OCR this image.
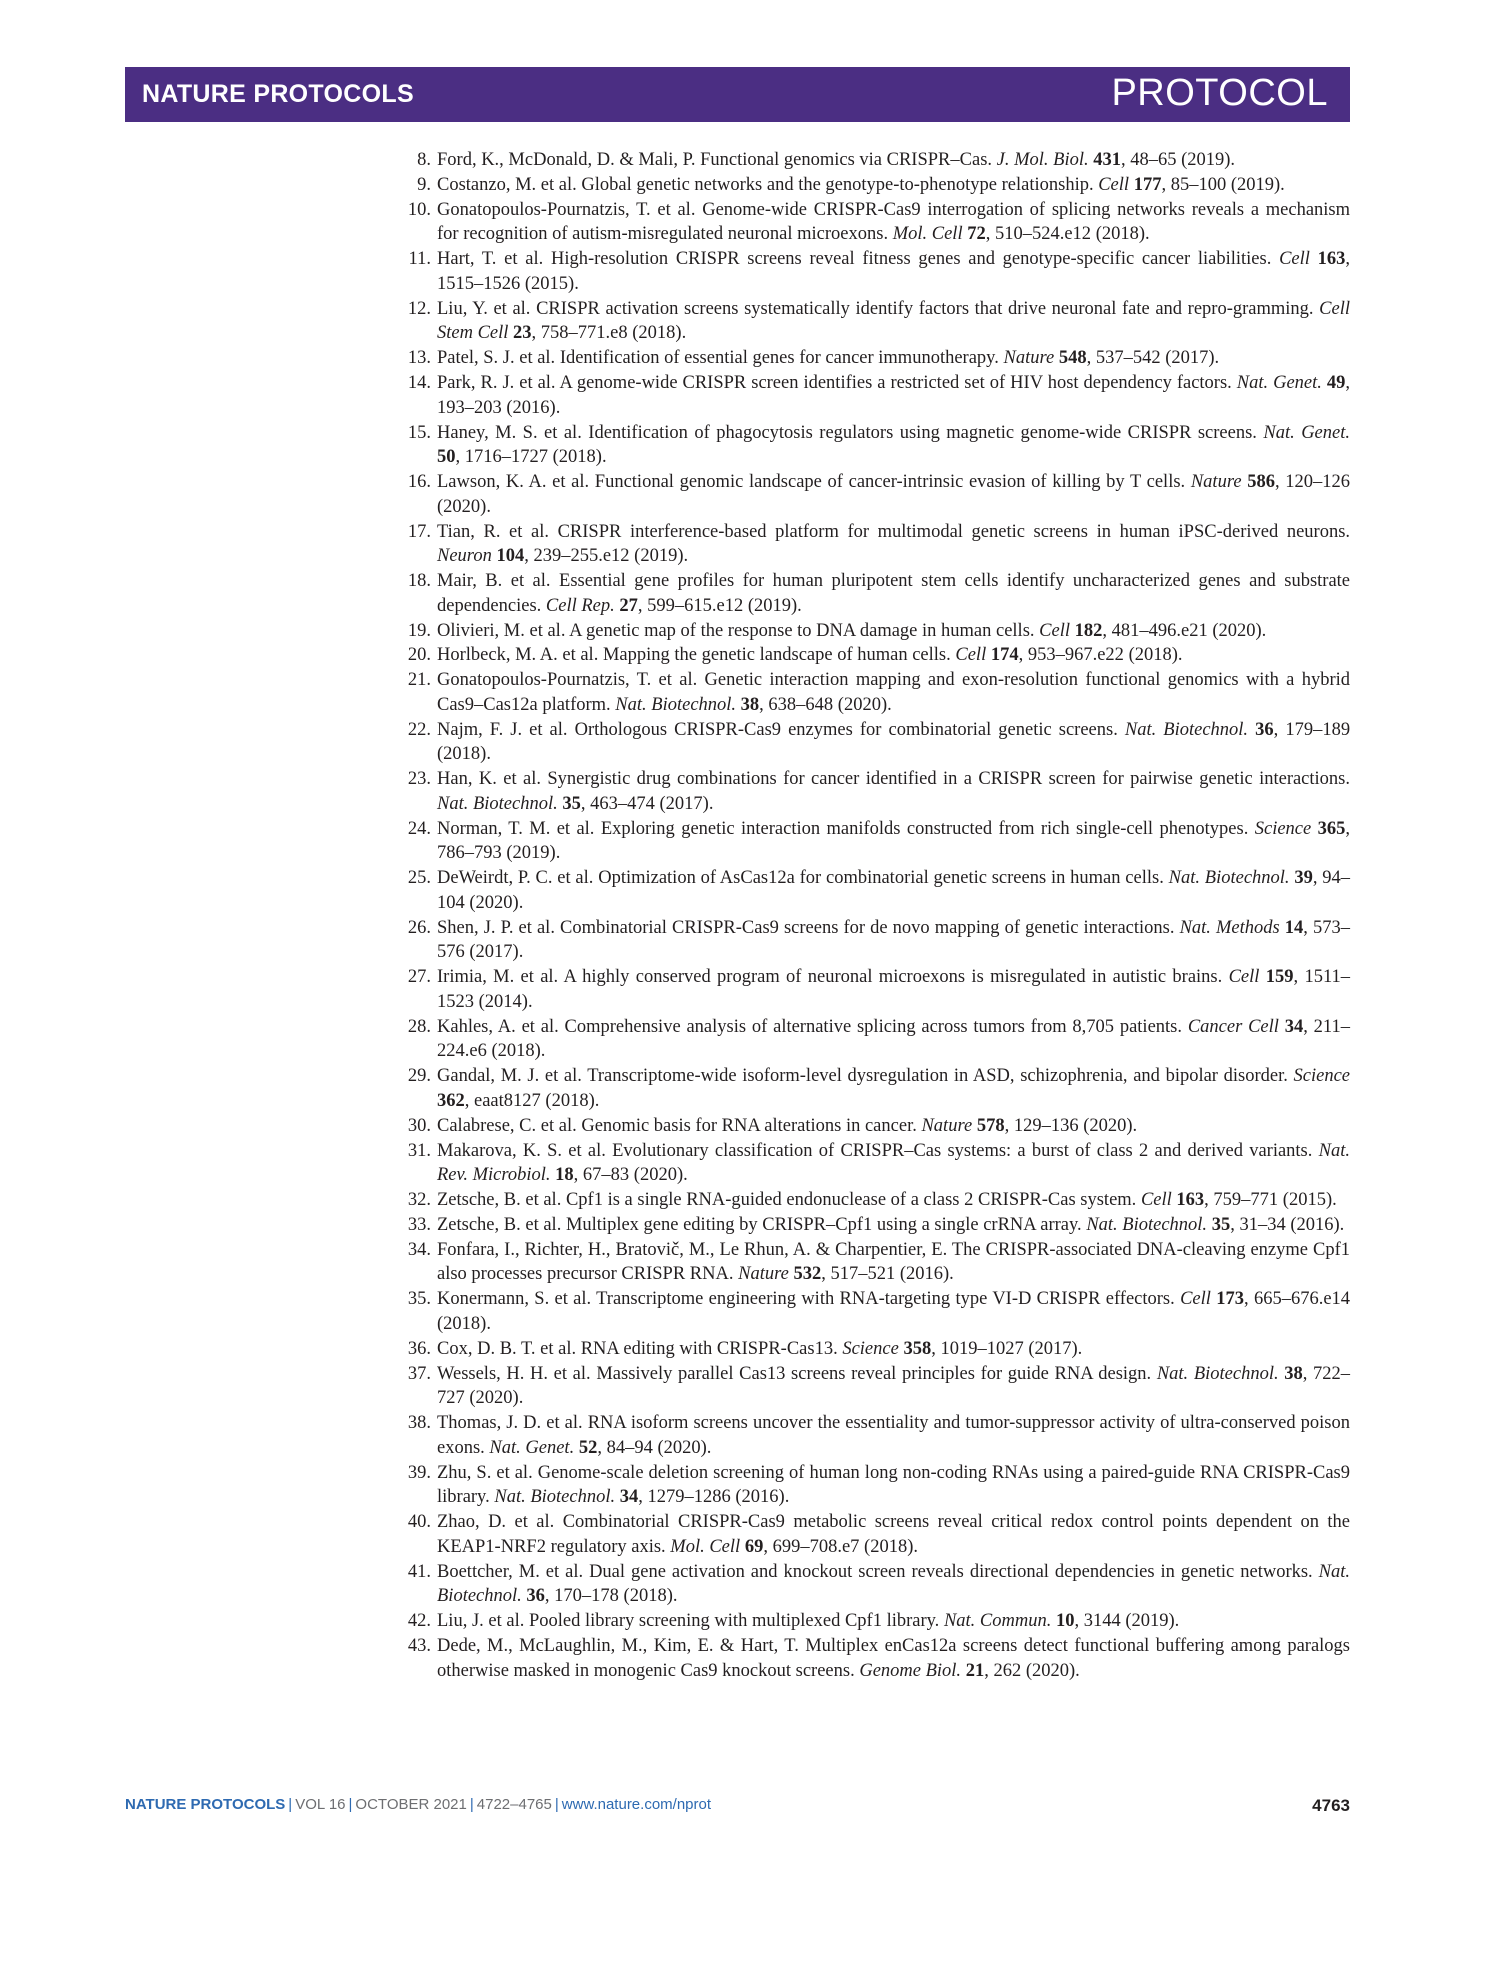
NATURE PROTOCOLS	PROTOCOL
8. Ford, K., McDonald, D. & Mali, P. Functional genomics via CRISPR–Cas. J. Mol. Biol. 431, 48–65 (2019).
9. Costanzo, M. et al. Global genetic networks and the genotype-to-phenotype relationship. Cell 177, 85–100 (2019).
10. Gonatopoulos-Pournatzis, T. et al. Genome-wide CRISPR-Cas9 interrogation of splicing networks reveals a mechanism for recognition of autism-misregulated neuronal microexons. Mol. Cell 72, 510–524.e12 (2018).
11. Hart, T. et al. High-resolution CRISPR screens reveal fitness genes and genotype-specific cancer liabilities. Cell 163, 1515–1526 (2015).
12. Liu, Y. et al. CRISPR activation screens systematically identify factors that drive neuronal fate and repro-gramming. Cell Stem Cell 23, 758–771.e8 (2018).
13. Patel, S. J. et al. Identification of essential genes for cancer immunotherapy. Nature 548, 537–542 (2017).
14. Park, R. J. et al. A genome-wide CRISPR screen identifies a restricted set of HIV host dependency factors. Nat. Genet. 49, 193–203 (2016).
15. Haney, M. S. et al. Identification of phagocytosis regulators using magnetic genome-wide CRISPR screens. Nat. Genet. 50, 1716–1727 (2018).
16. Lawson, K. A. et al. Functional genomic landscape of cancer-intrinsic evasion of killing by T cells. Nature 586, 120–126 (2020).
17. Tian, R. et al. CRISPR interference-based platform for multimodal genetic screens in human iPSC-derived neurons. Neuron 104, 239–255.e12 (2019).
18. Mair, B. et al. Essential gene profiles for human pluripotent stem cells identify uncharacterized genes and substrate dependencies. Cell Rep. 27, 599–615.e12 (2019).
19. Olivieri, M. et al. A genetic map of the response to DNA damage in human cells. Cell 182, 481–496.e21 (2020).
20. Horlbeck, M. A. et al. Mapping the genetic landscape of human cells. Cell 174, 953–967.e22 (2018).
21. Gonatopoulos-Pournatzis, T. et al. Genetic interaction mapping and exon-resolution functional genomics with a hybrid Cas9–Cas12a platform. Nat. Biotechnol. 38, 638–648 (2020).
22. Najm, F. J. et al. Orthologous CRISPR-Cas9 enzymes for combinatorial genetic screens. Nat. Biotechnol. 36, 179–189 (2018).
23. Han, K. et al. Synergistic drug combinations for cancer identified in a CRISPR screen for pairwise genetic interactions. Nat. Biotechnol. 35, 463–474 (2017).
24. Norman, T. M. et al. Exploring genetic interaction manifolds constructed from rich single-cell phenotypes. Science 365, 786–793 (2019).
25. DeWeirdt, P. C. et al. Optimization of AsCas12a for combinatorial genetic screens in human cells. Nat. Biotechnol. 39, 94–104 (2020).
26. Shen, J. P. et al. Combinatorial CRISPR-Cas9 screens for de novo mapping of genetic interactions. Nat. Methods 14, 573–576 (2017).
27. Irimia, M. et al. A highly conserved program of neuronal microexons is misregulated in autistic brains. Cell 159, 1511–1523 (2014).
28. Kahles, A. et al. Comprehensive analysis of alternative splicing across tumors from 8,705 patients. Cancer Cell 34, 211–224.e6 (2018).
29. Gandal, M. J. et al. Transcriptome-wide isoform-level dysregulation in ASD, schizophrenia, and bipolar disorder. Science 362, eaat8127 (2018).
30. Calabrese, C. et al. Genomic basis for RNA alterations in cancer. Nature 578, 129–136 (2020).
31. Makarova, K. S. et al. Evolutionary classification of CRISPR–Cas systems: a burst of class 2 and derived variants. Nat. Rev. Microbiol. 18, 67–83 (2020).
32. Zetsche, B. et al. Cpf1 is a single RNA-guided endonuclease of a class 2 CRISPR-Cas system. Cell 163, 759–771 (2015).
33. Zetsche, B. et al. Multiplex gene editing by CRISPR–Cpf1 using a single crRNA array. Nat. Biotechnol. 35, 31–34 (2016).
34. Fonfara, I., Richter, H., Bratovič, M., Le Rhun, A. & Charpentier, E. The CRISPR-associated DNA-cleaving enzyme Cpf1 also processes precursor CRISPR RNA. Nature 532, 517–521 (2016).
35. Konermann, S. et al. Transcriptome engineering with RNA-targeting type VI-D CRISPR effectors. Cell 173, 665–676.e14 (2018).
36. Cox, D. B. T. et al. RNA editing with CRISPR-Cas13. Science 358, 1019–1027 (2017).
37. Wessels, H. H. et al. Massively parallel Cas13 screens reveal principles for guide RNA design. Nat. Biotechnol. 38, 722–727 (2020).
38. Thomas, J. D. et al. RNA isoform screens uncover the essentiality and tumor-suppressor activity of ultra-conserved poison exons. Nat. Genet. 52, 84–94 (2020).
39. Zhu, S. et al. Genome-scale deletion screening of human long non-coding RNAs using a paired-guide RNA CRISPR-Cas9 library. Nat. Biotechnol. 34, 1279–1286 (2016).
40. Zhao, D. et al. Combinatorial CRISPR-Cas9 metabolic screens reveal critical redox control points dependent on the KEAP1-NRF2 regulatory axis. Mol. Cell 69, 699–708.e7 (2018).
41. Boettcher, M. et al. Dual gene activation and knockout screen reveals directional dependencies in genetic networks. Nat. Biotechnol. 36, 170–178 (2018).
42. Liu, J. et al. Pooled library screening with multiplexed Cpf1 library. Nat. Commun. 10, 3144 (2019).
43. Dede, M., McLaughlin, M., Kim, E. & Hart, T. Multiplex enCas12a screens detect functional buffering among paralogs otherwise masked in monogenic Cas9 knockout screens. Genome Biol. 21, 262 (2020).
NATURE PROTOCOLS | VOL 16 | OCTOBER 2021 | 4722–4765 | www.nature.com/nprot	4763
